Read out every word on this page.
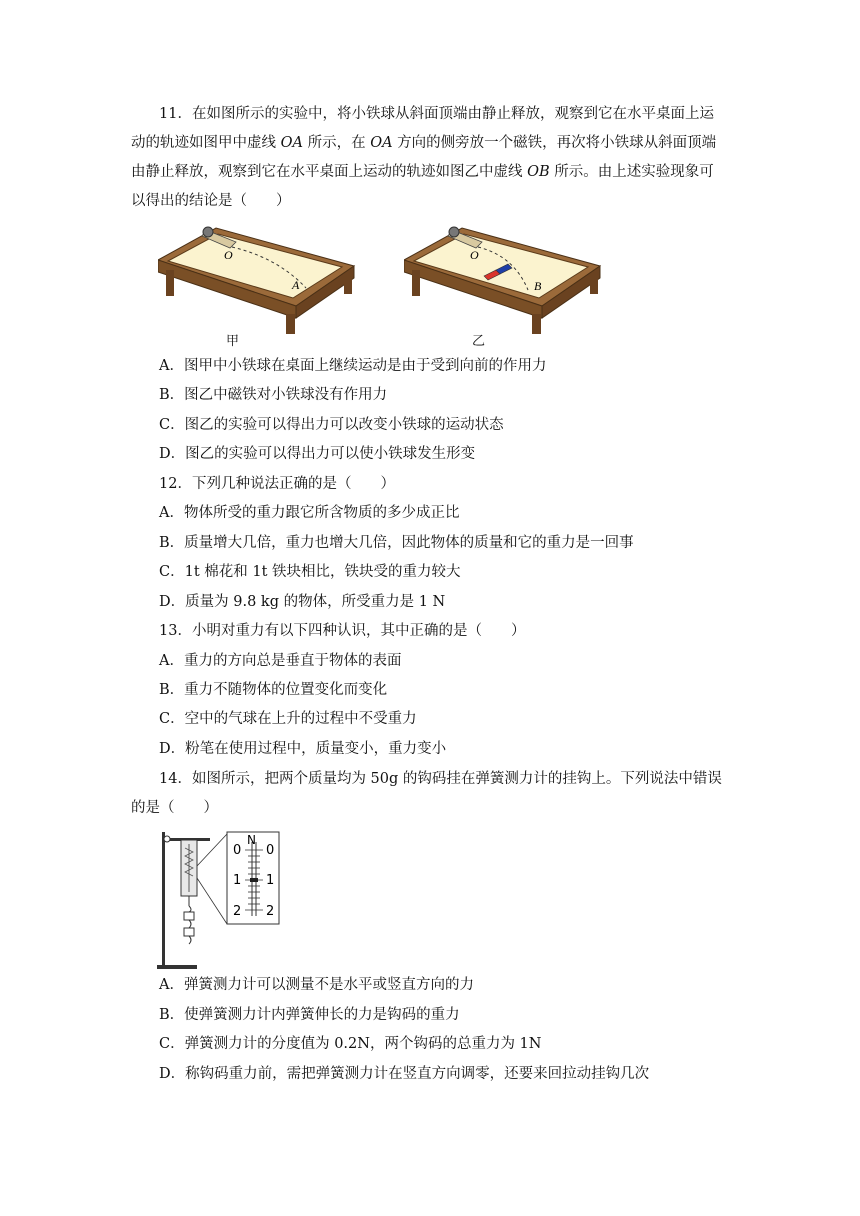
11．在如图所示的实验中，将小铁球从斜面顶端由静止释放，观察到它在水平桌面上运
动的轨迹如图甲中虚线 OA 所示，在 OA 方向的侧旁放一个磁铁，再次将小铁球从斜面顶端
由静止释放，观察到它在水平桌面上运动的轨迹如图乙中虚线 OB 所示。由上述实验现象可
以得出的结论是（　　）
O
A
甲
O
B
乙
A．图甲中小铁球在桌面上继续运动是由于受到向前的作用力
B．图乙中磁铁对小铁球没有作用力
C．图乙的实验可以得出力可以改变小铁球的运动状态
D．图乙的实验可以得出力可以使小铁球发生形变
12．下列几种说法正确的是（　　）
A．物体所受的重力跟它所含物质的多少成正比
B．质量增大几倍，重力也增大几倍，因此物体的质量和它的重力是一回事
C．1t 棉花和 1t 铁块相比，铁块受的重力较大
D．质量为 9.8 kg 的物体，所受重力是 1 N
13．小明对重力有以下四种认识，其中正确的是（　　）
A．重力的方向总是垂直于物体的表面
B．重力不随物体的位置变化而变化
C．空中的气球在上升的过程中不受重力
D．粉笔在使用过程中，质量变小，重力变小
14．如图所示，把两个质量均为 50g 的钩码挂在弹簧测力计的挂钩上。下列说法中错误
的是（　　）
N
0 0
1 1
2 2
A．弹簧测力计可以测量不是水平或竖直方向的力
B．使弹簧测力计内弹簧伸长的力是钩码的重力
C．弹簧测力计的分度值为 0.2N，两个钩码的总重力为 1N
D．称钩码重力前，需把弹簧测力计在竖直方向调零，还要来回拉动挂钩几次
